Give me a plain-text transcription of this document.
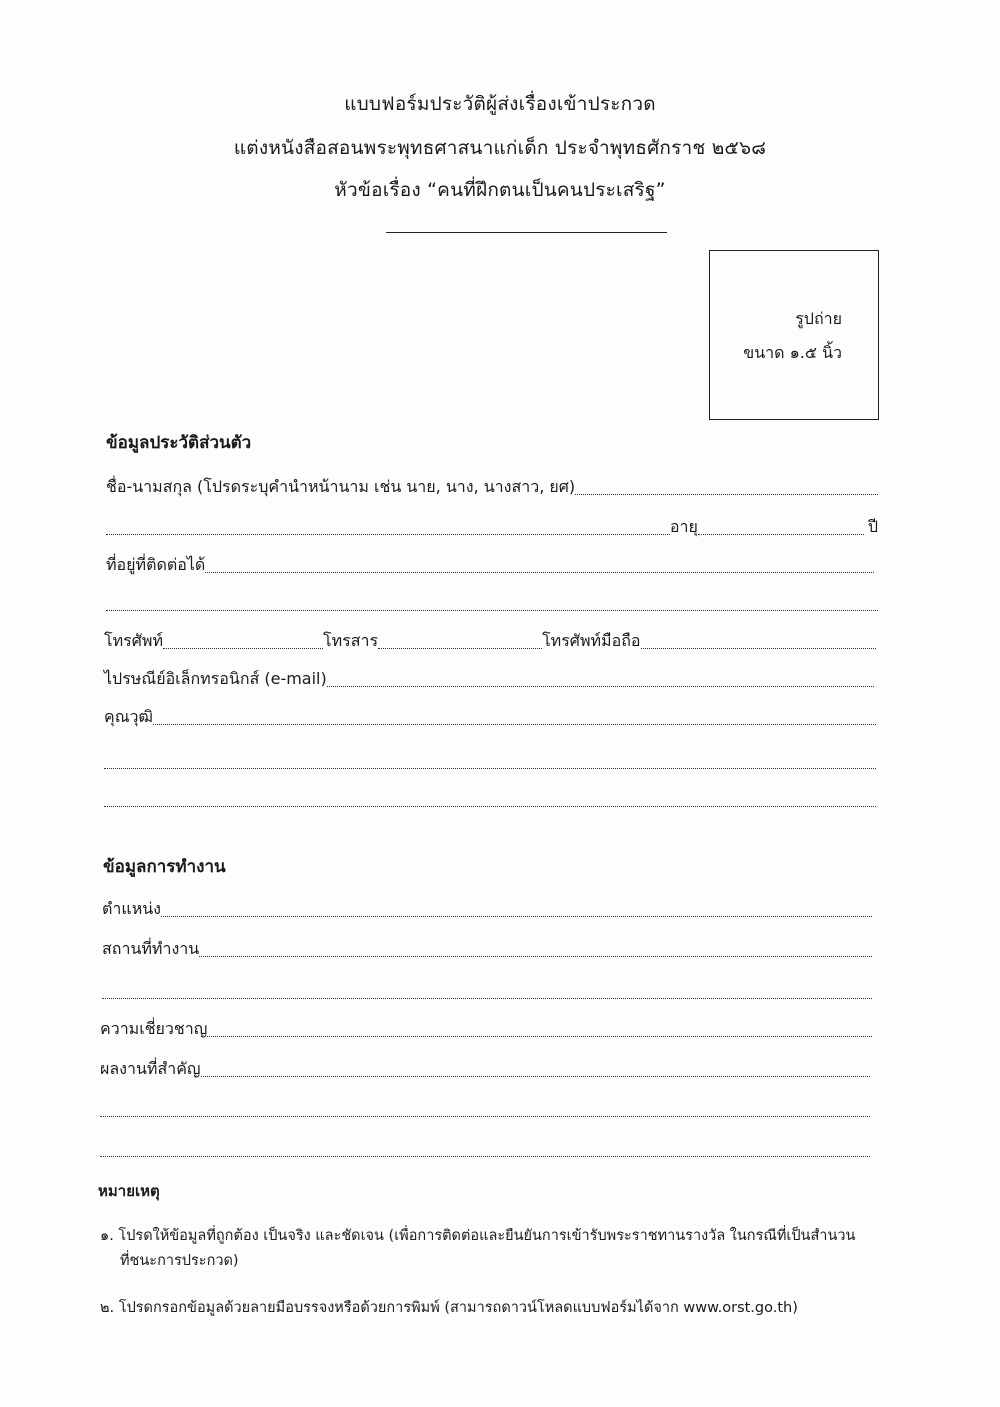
แบบฟอร์มประวัติผู้ส่งเรื่องเข้าประกวด
แต่งหนังสือสอนพระพุทธศาสนาแก่เด็ก ประจำพุทธศักราช ๒๕๖๘
หัวข้อเรื่อง “คนที่ฝึกตนเป็นคนประเสริฐ”
รูปถ่าย
ขนาด ๑.๕ นิ้ว
ข้อมูลประวัติส่วนตัว
ชื่อ-นามสกุล (โปรดระบุคำนำหน้านาม เช่น นาย, นาง, นางสาว, ยศ)
อายุ	ปี
ที่อยู่ที่ติดต่อได้
โทรศัพท์	โทรสาร	โทรศัพท์มือถือ
ไปรษณีย์อิเล็กทรอนิกส์ (e-mail)
คุณวุฒิ
ข้อมูลการทำงาน
ตำแหน่ง
สถานที่ทำงาน
ความเชี่ยวชาญ
ผลงานที่สำคัญ
หมายเหตุ
๑. โปรดให้ข้อมูลที่ถูกต้อง เป็นจริง และชัดเจน (เพื่อการติดต่อและยืนยันการเข้ารับพระราชทานรางวัล ในกรณีที่เป็นสำนวน
ที่ชนะการประกวด)
๒. โปรดกรอกข้อมูลด้วยลายมือบรรจงหรือด้วยการพิมพ์ (สามารถดาวน์โหลดแบบฟอร์มได้จาก www.orst.go.th)
